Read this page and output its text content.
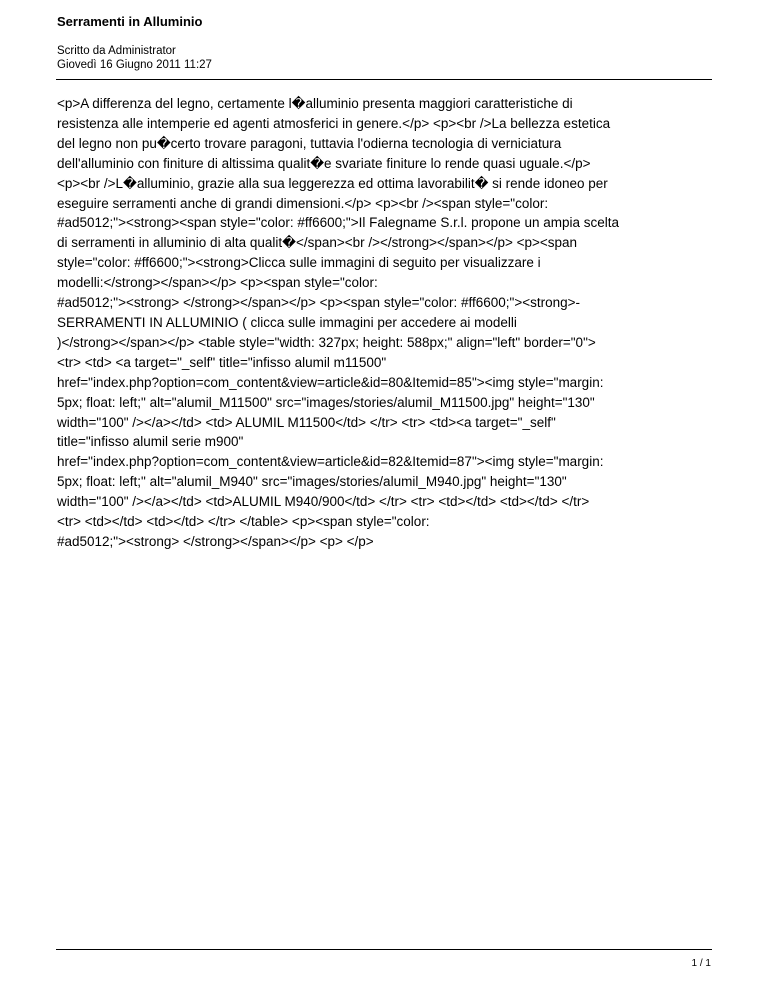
Serramenti in Alluminio
Scritto da Administrator
Giovedì 16 Giugno 2011 11:27
<p>A differenza del legno, certamente l�alluminio presenta maggiori caratteristiche di
resistenza alle intemperie ed agenti atmosferici in genere.</p> <p><br />La bellezza estetica
del legno non pu�certo trovare paragoni, tuttavia l'odierna tecnologia di verniciatura
dell'alluminio con finiture di altissima qualit�e svariate finiture lo rende quasi uguale.</p>
<p><br />L�alluminio, grazie alla sua leggerezza ed ottima lavorabilit� si rende idoneo per
eseguire serramenti anche di grandi dimensioni.</p> <p><br /><span style="color:
#ad5012;"><strong><span style="color: #ff6600;">Il Falegname S.r.l. propone un ampia scelta
di serramenti in alluminio di alta qualit�</span><br /></strong></span></p> <p><span
style="color: #ff6600;"><strong>Clicca sulle immagini di seguito per visualizzare i
modelli:</strong></span></p> <p><span style="color:
#ad5012;"><strong> </strong></span></p> <p><span style="color: #ff6600;"><strong>-
SERRAMENTI IN ALLUMINIO ( clicca sulle immagini per accedere ai modelli
)</strong></span></p> <table style="width: 327px; height: 588px;" align="left" border="0">
<tr> <td> <a target="_self" title="infisso alumil m11500"
href="index.php?option=com_content&view=article&id=80&Itemid=85"><img style="margin:
5px; float: left;" alt="alumil_M11500" src="images/stories/alumil_M11500.jpg" height="130"
width="100" /></a></td> <td> ALUMIL M11500</td> </tr> <tr> <td><a target="_self"
title="infisso alumil serie m900"
href="index.php?option=com_content&view=article&id=82&Itemid=87"><img style="margin:
5px; float: left;" alt="alumil_M940" src="images/stories/alumil_M940.jpg" height="130"
width="100" /></a></td> <td>ALUMIL M940/900</td> </tr> <tr> <td></td> <td></td> </tr>
<tr> <td></td> <td></td> </tr> </table> <p><span style="color:
#ad5012;"><strong> </strong></span></p> <p> </p>
1 / 1
